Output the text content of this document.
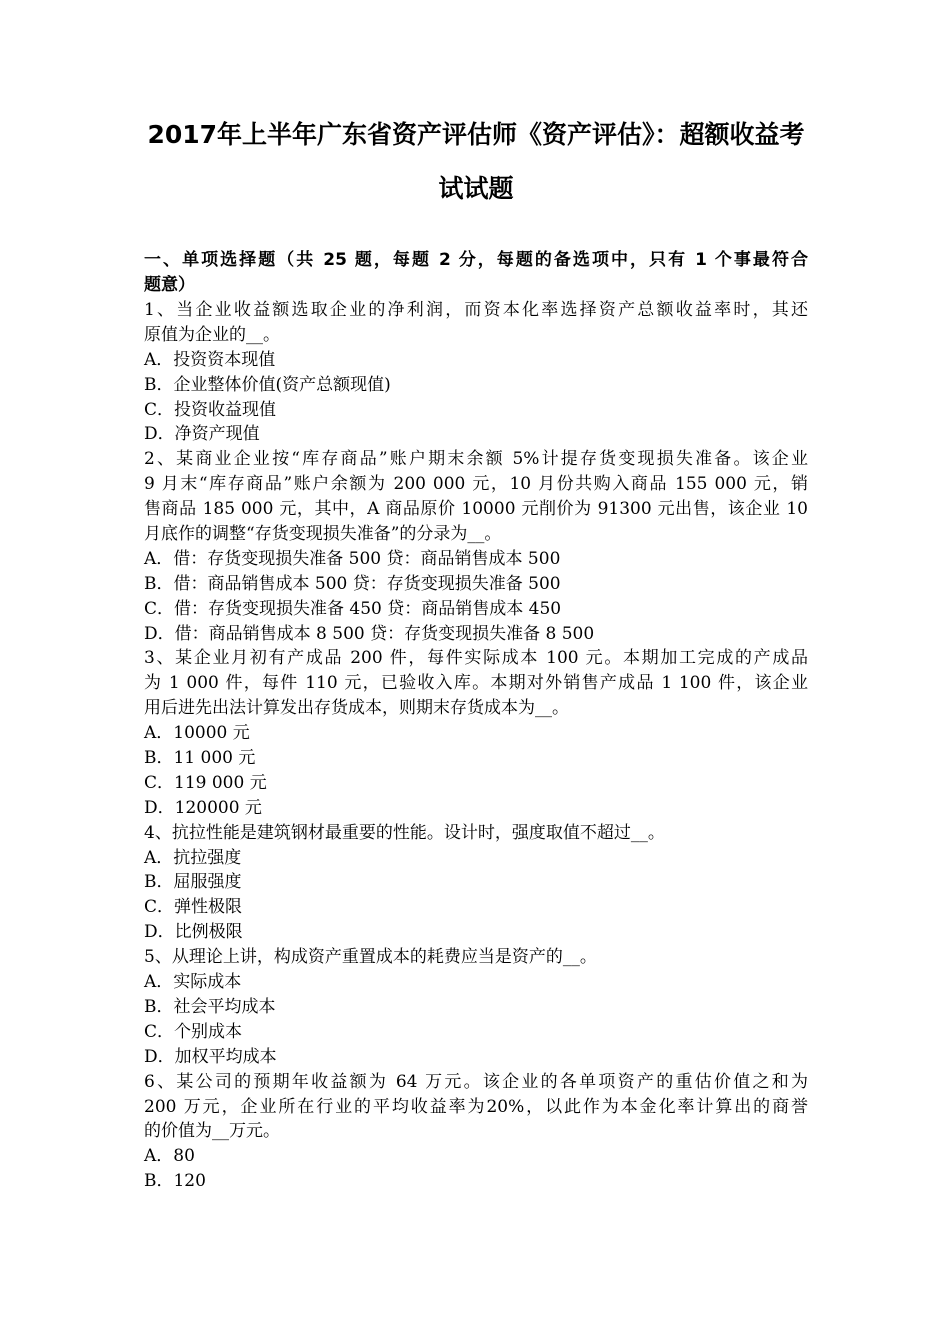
2017年上半年广东省资产评估师《资产评估》：超额收益考
试试题
一、单项选择题（共 25 题，每题 2 分，每题的备选项中，只有 1 个事最符合
题意）
1、当企业收益额选取企业的净利润，而资本化率选择资产总额收益率时，其还
原值为企业的__。
A．投资资本现值
B．企业整体价值(资产总额现值)
C．投资收益现值
D．净资产现值
2、某商业企业按“库存商品”账户期末余额 5%计提存货变现损失准备。该企业
9 月末“库存商品”账户余额为 200 000 元，10 月份共购入商品 155 000 元，销
售商品 185 000 元，其中，A 商品原价 10000 元削价为 91300 元出售，该企业 10
月底作的调整“存货变现损失准备”的分录为__。
A．借：存货变现损失准备 500 贷：商品销售成本 500
B．借：商品销售成本 500 贷：存货变现损失准备 500
C．借：存货变现损失准备 450 贷：商品销售成本 450
D．借：商品销售成本 8 500 贷：存货变现损失准备 8 500
3、某企业月初有产成品 200 件，每件实际成本 100 元。本期加工完成的产成品
为 1 000 件，每件 110 元，已验收入库。本期对外销售产成品 1 100 件，该企业
用后进先出法计算发出存货成本，则期末存货成本为__。
A．10000 元
B．11 000 元
C．119 000 元
D．120000 元
4、抗拉性能是建筑钢材最重要的性能。设计时，强度取值不超过__。
A．抗拉强度
B．屈服强度
C．弹性极限
D．比例极限
5、从理论上讲，构成资产重置成本的耗费应当是资产的__。
A．实际成本
B．社会平均成本
C．个别成本
D．加权平均成本
6、某公司的预期年收益额为 64 万元。该企业的各单项资产的重估价值之和为
200 万元，企业所在行业的平均收益率为20%，以此作为本金化率计算出的商誉
的价值为__万元。
A．80
B．120
